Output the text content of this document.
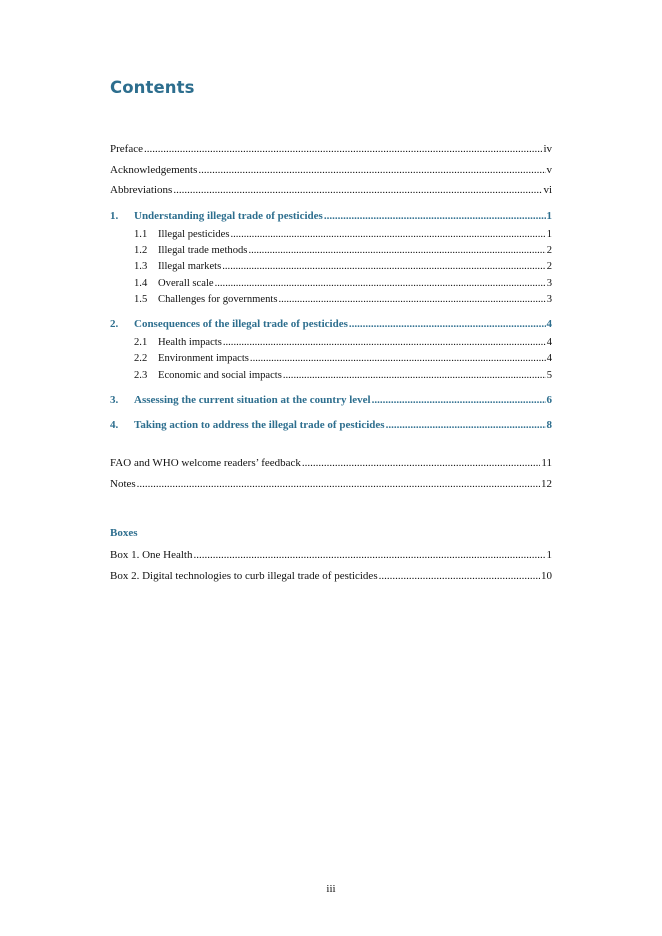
Contents
Preface .....	iv
Acknowledgements .....	v
Abbreviations .....	vi
1.	Understanding illegal trade of pesticides .....	1
1.1	Illegal pesticides .....	1
1.2	Illegal trade methods .....	2
1.3	Illegal markets .....	2
1.4	Overall scale .....	3
1.5	Challenges for governments .....	3
2.	Consequences of the illegal trade of pesticides .....	4
2.1	Health impacts .....	4
2.2	Environment impacts .....	4
2.3	Economic and social impacts .....	5
3.	Assessing the current situation at the country level .....	6
4.	Taking action to address the illegal trade of pesticides .....	8
FAO and WHO welcome readers’ feedback .....	11
Notes .....	12
Boxes
Box 1. One Health .....	1
Box 2. Digital technologies to curb illegal trade of pesticides .....	10
iii
